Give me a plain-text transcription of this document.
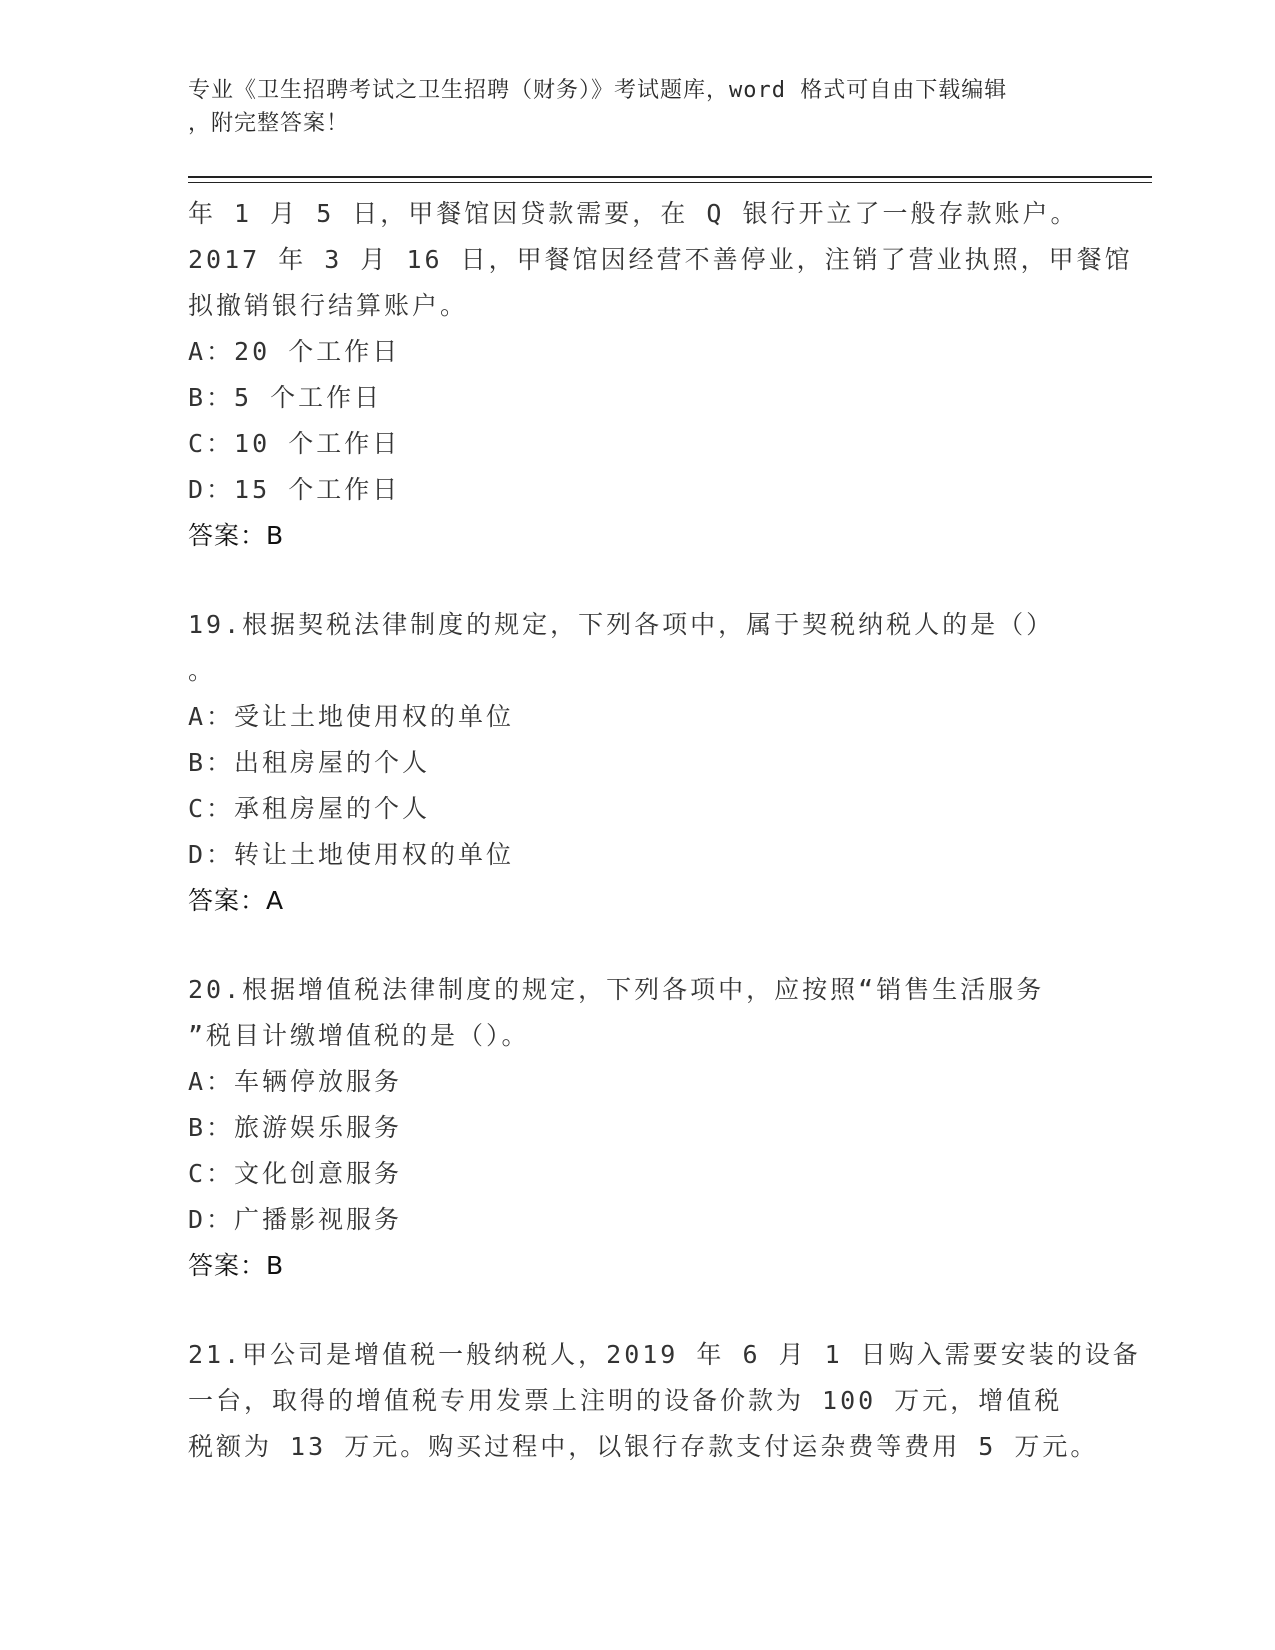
专业《卫生招聘考试之卫生招聘（财务）》考试题库，word 格式可自由下载编辑
，附完整答案！
年 1 月 5 日，甲餐馆因贷款需要，在 Q 银行开立了一般存款账户。
2017 年 3 月 16 日，甲餐馆因经营不善停业，注销了营业执照，甲餐馆
拟撤销银行结算账户。
A：20 个工作日
B：5 个工作日
C：10 个工作日
D：15 个工作日
答案：B
19.根据契税法律制度的规定，下列各项中，属于契税纳税人的是（）
。
A：受让土地使用权的单位
B：出租房屋的个人
C：承租房屋的个人
D：转让土地使用权的单位
答案：A
20.根据增值税法律制度的规定，下列各项中，应按照“销售生活服务
”税目计缴增值税的是（）。
A：车辆停放服务
B：旅游娱乐服务
C：文化创意服务
D：广播影视服务
答案：B
21.甲公司是增值税一般纳税人，2019 年 6 月 1 日购入需要安装的设备
一台，取得的增值税专用发票上注明的设备价款为 100 万元，增值税
税额为 13 万元。购买过程中，以银行存款支付运杂费等费用 5 万元。
